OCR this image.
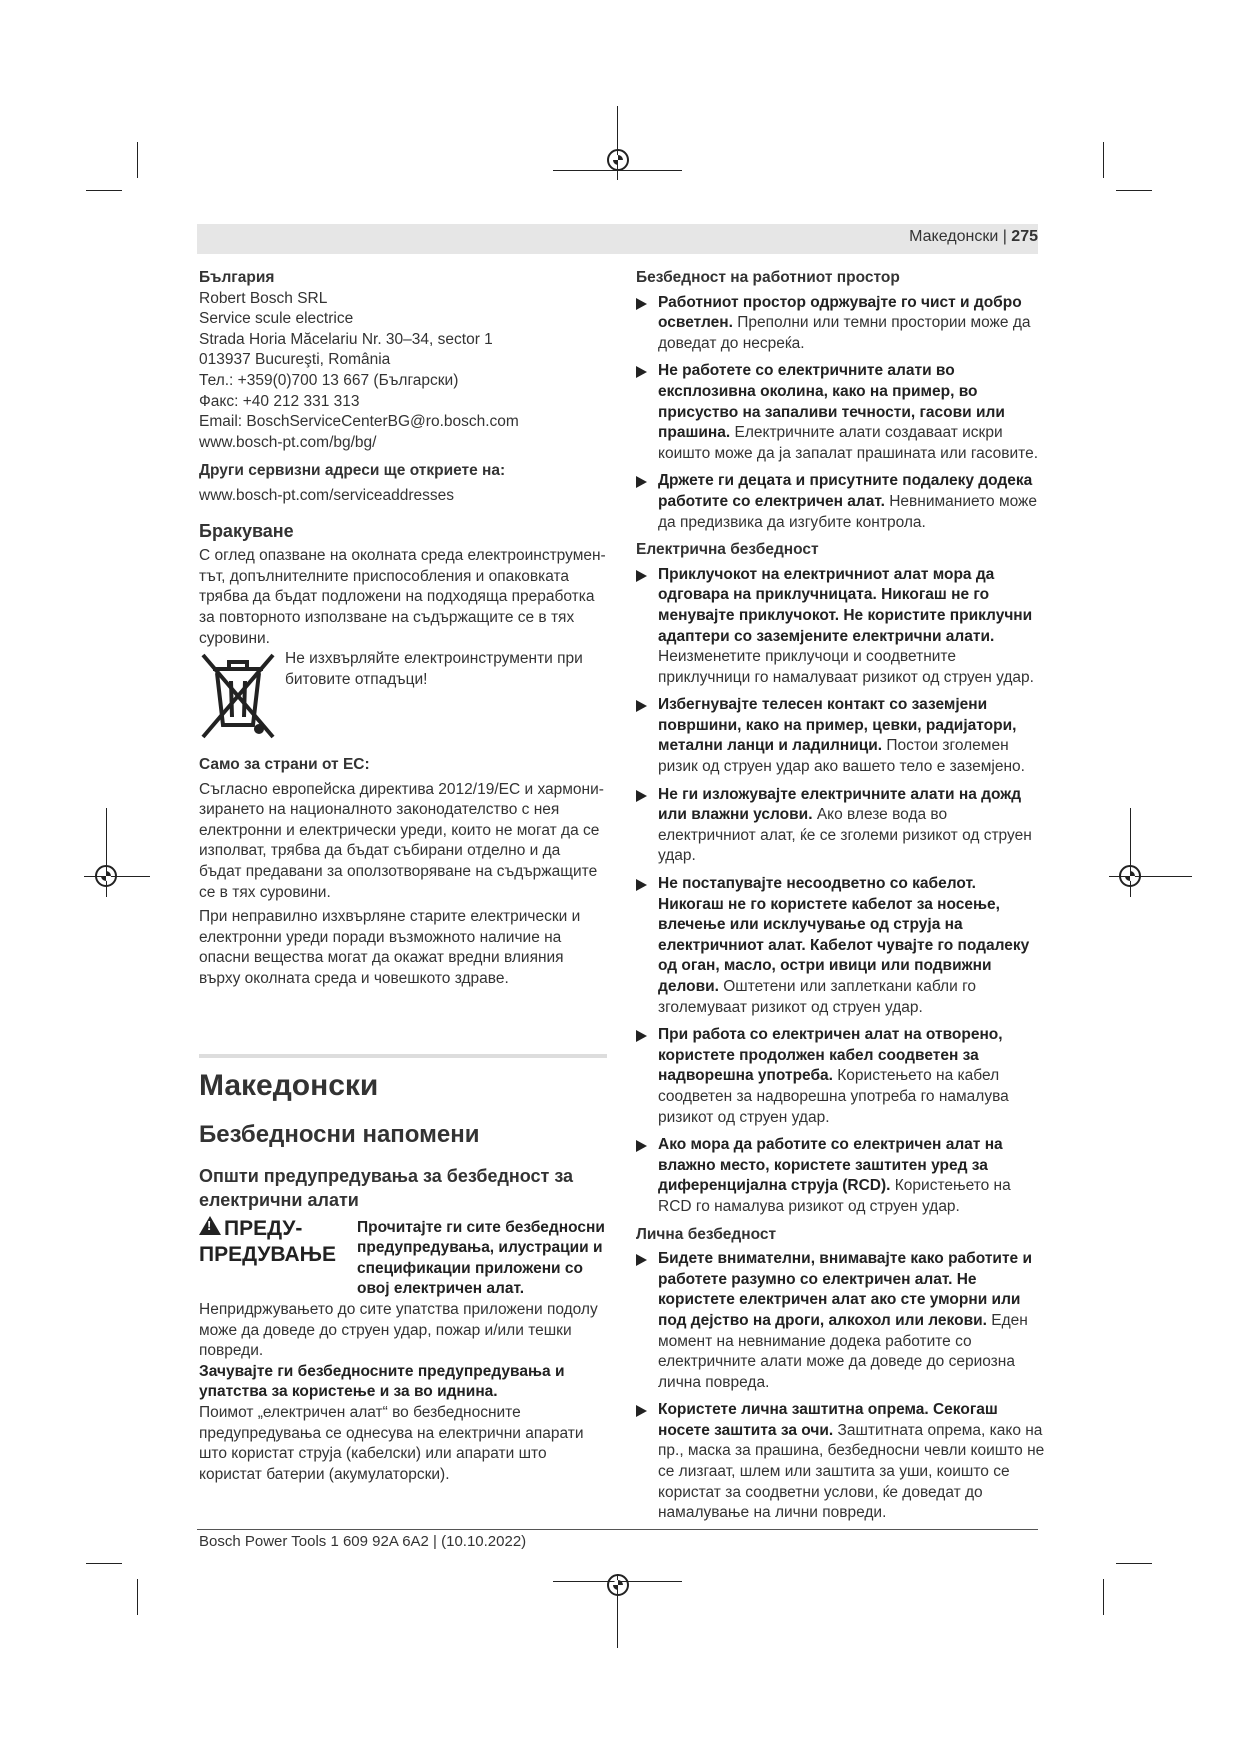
Македонски | 275

България

Robert Bosch SRL

Service scule electrice

Strada Horia Măcelariu Nr. 30–34, sector 1

013937 Bucureşti, România

Тел.: +359(0)700 13 667 (Български)

Факс: +40 212 331 313

Email: BoschServiceCenterBG@ro.bosch.com

www.bosch-pt.com/bg/bg/

Други сервизни адреси ще откриете на:

www.bosch-pt.com/serviceaddresses

Бракуване

С оглед опазване на околната среда електроинструментът, допълнителните приспособления и опаковката трябва да бъдат подложени на подходяща преработка за повторното използване на съдържащите се в тях суровини.

Не изхвърляйте електроинструменти при битовите отпадъци!

Само за страни от ЕС:

Съгласно европейска директива 2012/19/ЕС и хармонизирането на националното законодателство с нея електронни и електрически уреди, които не могат да се изполват, трябва да бъдат събирани отделно и да бъдат предавани за оползотворяване на съдържащите се в тях суровини.

При неправилно изхвърляне старите електрически и електронни уреди поради възможното наличие на опасни вещества могат да окажат вредни влияния върху околната среда и човешкото здраве.

Македонски

Безбедносни напомени

Општи предупредувања за безбедност за електрични алати

!ПРЕДУ-
ПРЕДУВАЊЕ

Прочитајте ги сите безбедносни предупредувања, илустрации и спецификации приложени со овој електричен алат.

Непридржувањето до сите упатства приложени подолу може да доведе до струен удар, пожар и/или тешки повреди.

Зачувајте ги безбедносните предупредувања и упатства за користење и за во иднина.

Поимот „електричен алат“ во безбедносните предупредувања се однесува на електрични апарати што користат струја (кабелски) или апарати што користат батерии (акумулаторски).

Безбедност на работниот простор

Работниот простор одржувајте го чист и добро осветлен. Преполни или темни простории може да доведат до несреќа.
Не работете со електричните алати во експлозивна околина, како на пример, во присуство на запаливи течности, гасови или прашина. Електричните алати создаваат искри коишто може да ја запалат прашината или гасовите.
Држете ги децата и присутните подалеку додека работите со електричен алат. Невниманието може да предизвика да изгубите контрола.

Електрична безбедност

Приклучокот на електричниот алат мора да одговара на приклучницата. Никогаш не го менувајте приклучокот. Не користите приклучни адаптери со заземјените електрични алати. Неизменетите приклучоци и соодветните приклучници го намалуваат ризикот од струен удар.
Избегнувајте телесен контакт со заземјени површини, како на пример, цевки, радијатори, метални ланци и ладилници. Постои зголемен ризик од струен удар ако вашето тело е заземјено.
Не ги изложувајте електричните алати на дожд или влажни услови. Ако влезе вода во електричниот алат, ќе се зголеми ризикот од струен удар.
Не постапувајте несоодветно со кабелот. Никогаш не го користете кабелот за носење, влечење или исклучување од струја на електричниот алат. Кабелот чувајте го подалеку од оган, масло, остри ивици или подвижни делови. Оштетени или заплеткани кабли го зголемуваат ризикот од струен удар.
При работа со електричен алат на отворено, користете продолжен кабел соодветен за надворешна употреба. Користењето на кабел соодветен за надворешна употреба го намалува ризикот од струен удар.
Ако мора да работите со електричен алат на влажно место, користете заштитен уред за диференцијална струја (RCD). Користењето на RCD го намалува ризикот од струен удар.

Лична безбедност

Бидете внимателни, внимавајте како работите и работете разумно со електричен алат. Не користете електричен алат ако сте уморни или под дејство на дроги, алкохол или лекови. Еден момент на невнимание додека работите со електричните алати може да доведе до сериозна лична повреда.
Користете лична заштитна опрема. Секогаш носете заштита за очи. Заштитната опрема, како на пр., маска за прашина, безбедносни чевли коишто не се лизгаат, шлем или заштита за уши, коишто се користат за соодветни услови, ќе доведат до намалување на лични повреди.
Bosch Power Tools 1 609 92A 6A2 | (10.10.2022)
